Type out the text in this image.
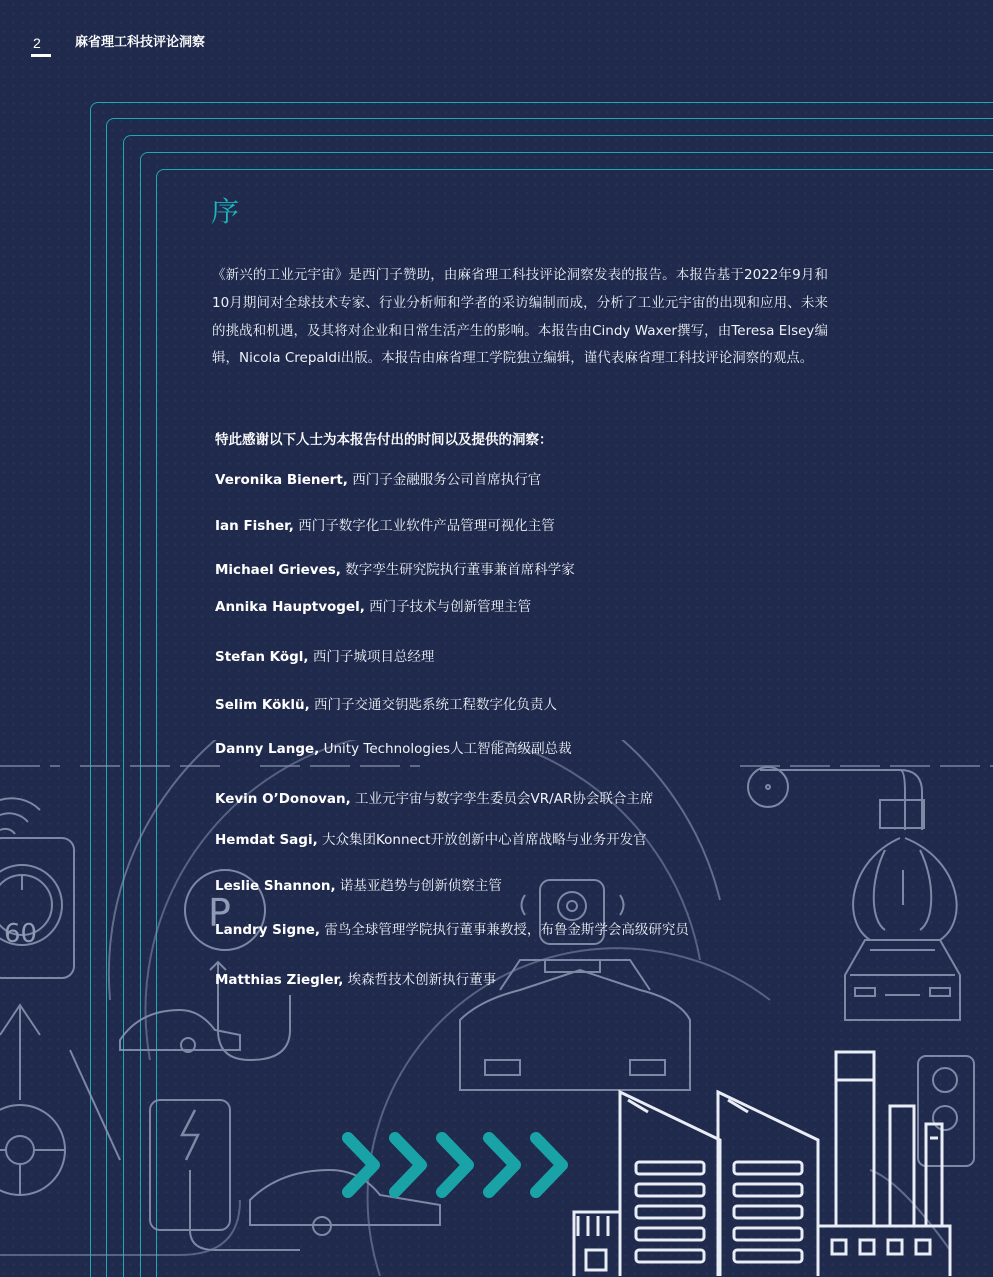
2	麻省理工科技评论洞察
60	P
序
《新兴的工业元宇宙》是西门子赞助，由麻省理工科技评论洞察发表的报告。本报告基于2022年9月和10月期间对全球技术专家、行业分析师和学者的采访编制而成，分析了工业元宇宙的出现和应用、未来的挑战和机遇，及其将对企业和日常生活产生的影响。本报告由Cindy Waxer撰写，由Teresa Elsey编辑，Nicola Crepaldi出版。本报告由麻省理工学院独立编辑，谨代表麻省理工科技评论洞察的观点。
特此感谢以下人士为本报告付出的时间以及提供的洞察：
Veronika Bienert, 西门子金融服务公司首席执行官
Ian Fisher, 西门子数字化工业软件产品管理可视化主管
Michael Grieves, 数字孪生研究院执行董事兼首席科学家
Annika Hauptvogel, 西门子技术与创新管理主管
Stefan Kögl, 西门子城项目总经理
Selim Köklü, 西门子交通交钥匙系统工程数字化负责人
Danny Lange, Unity Technologies人工智能高级副总裁
Kevin O’Donovan, 工业元宇宙与数字孪生委员会VR/AR协会联合主席
Hemdat Sagi, 大众集团Konnect开放创新中心首席战略与业务开发官
Leslie Shannon, 诺基亚趋势与创新侦察主管
Landry Signe, 雷鸟全球管理学院执行董事兼教授，布鲁金斯学会高级研究员
Matthias Ziegler, 埃森哲技术创新执行董事
